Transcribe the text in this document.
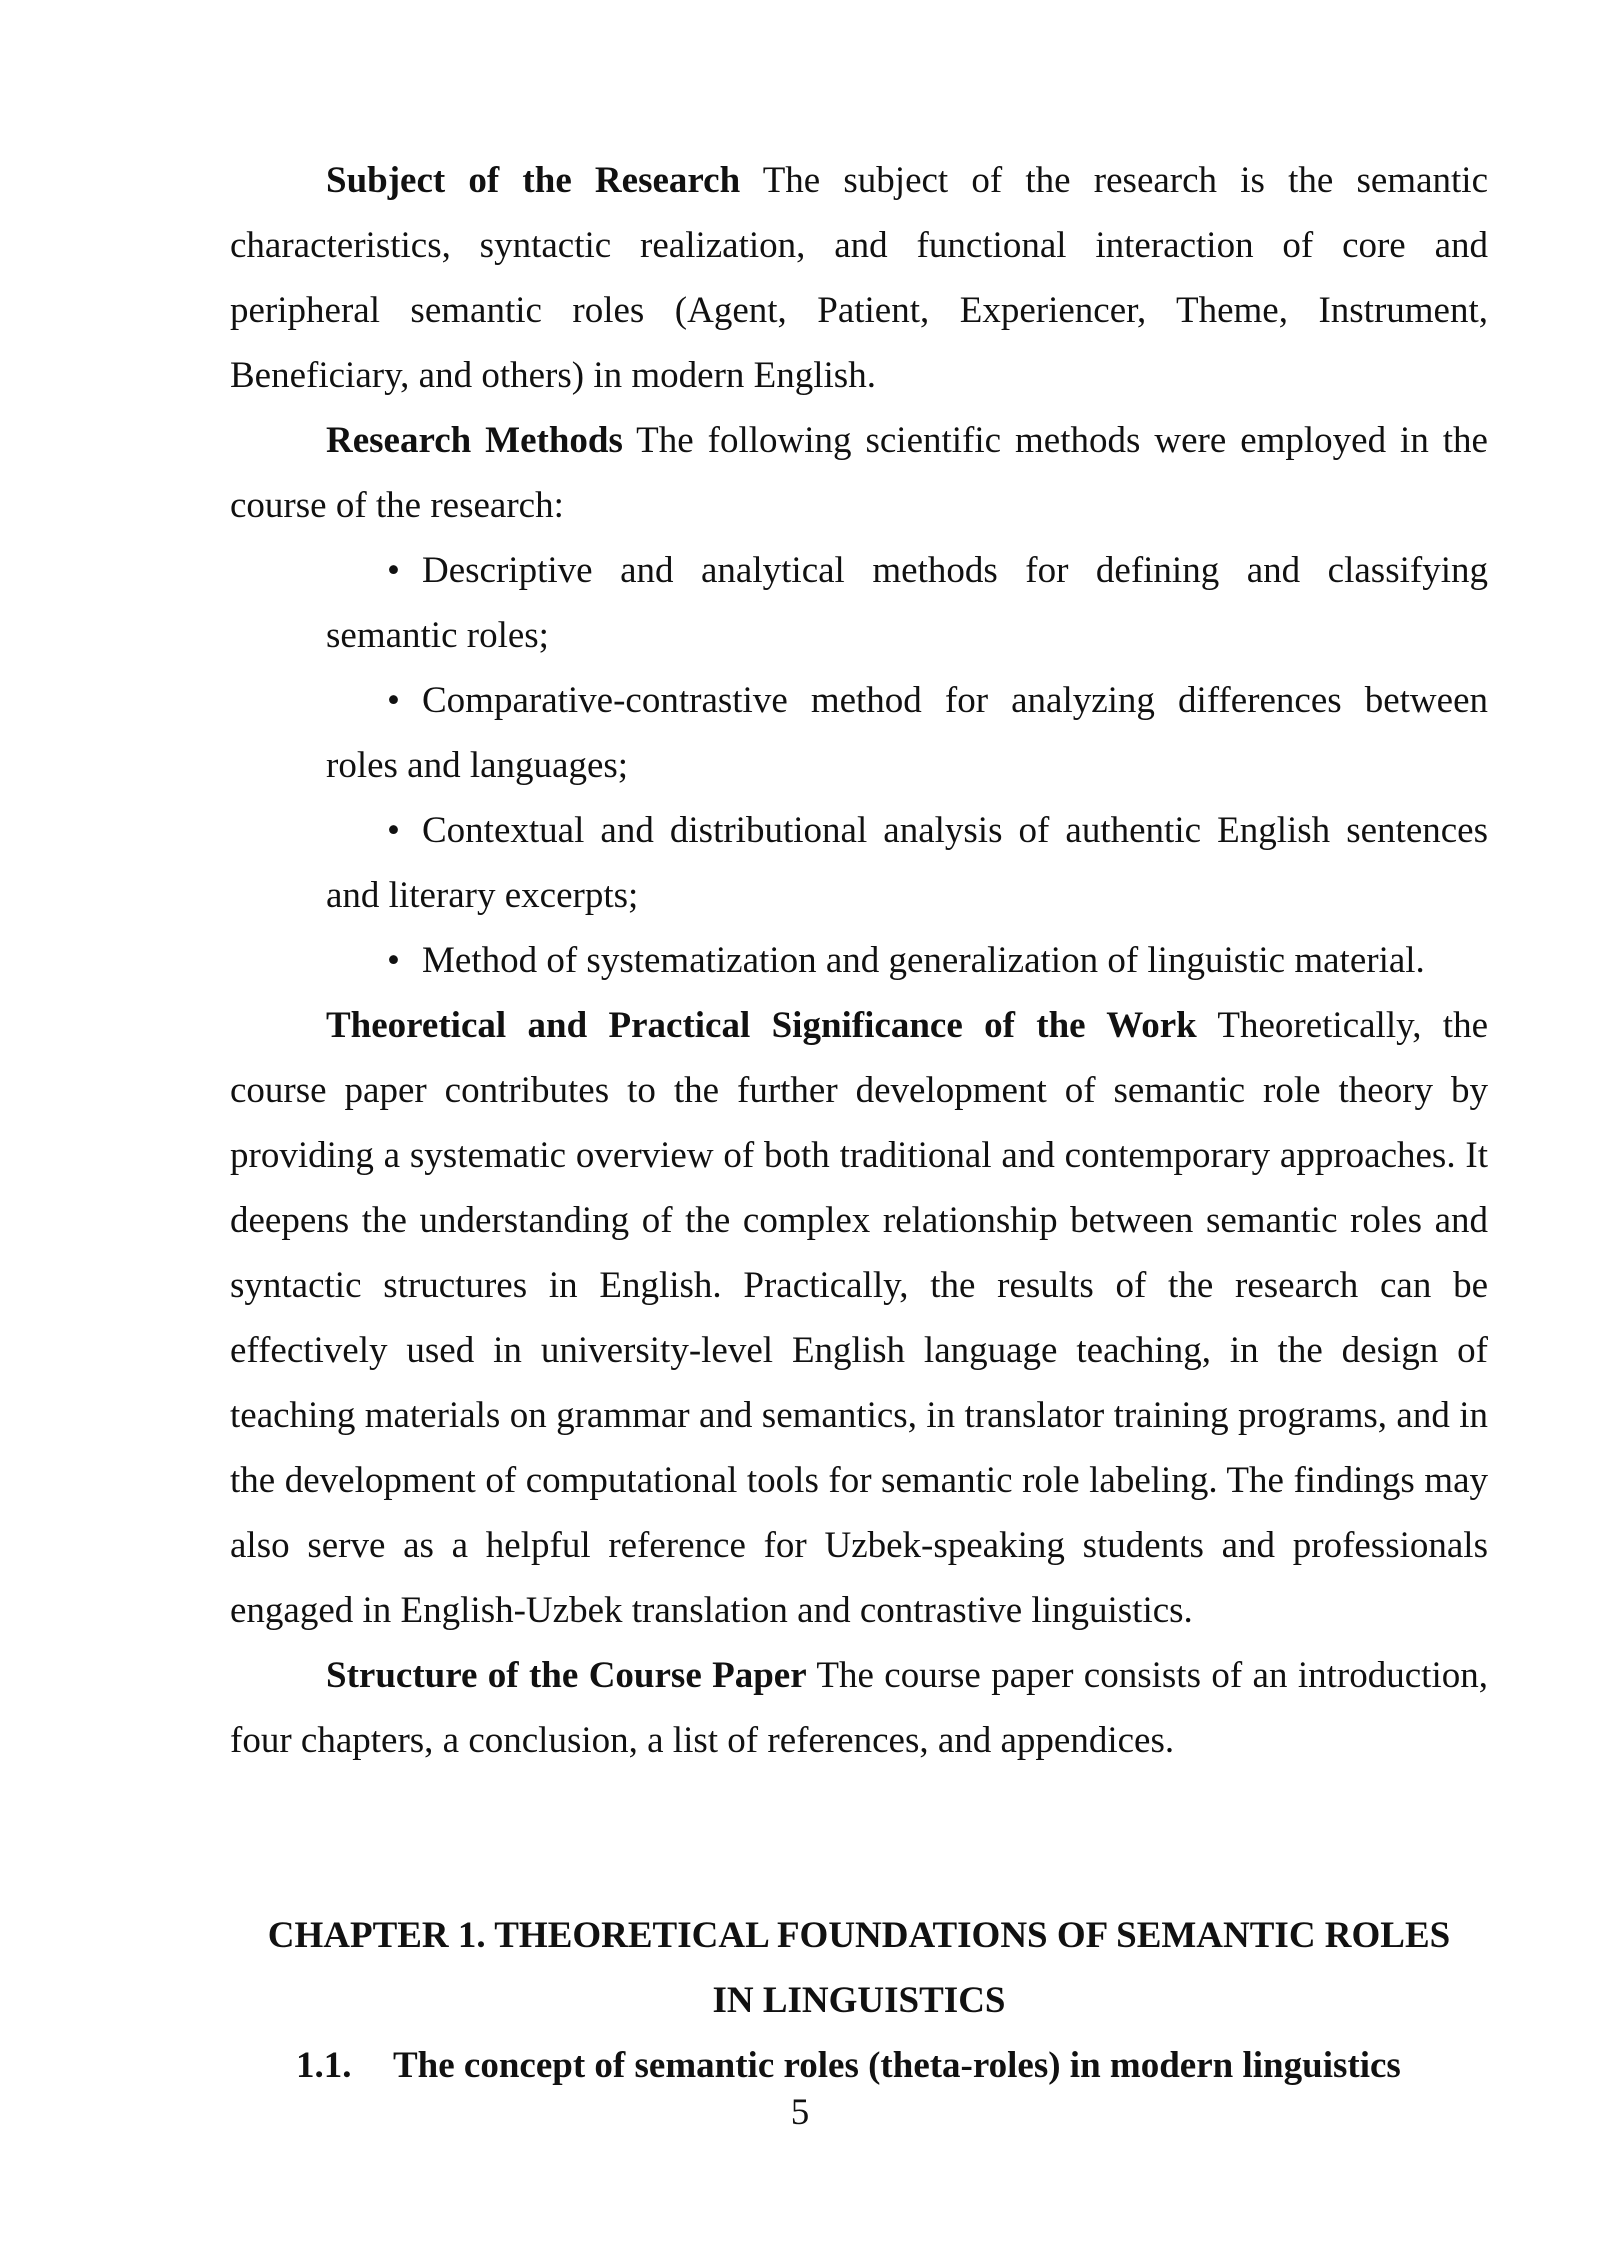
Subject of the Research The subject of the research is the semantic characteristics, syntactic realization, and functional interaction of core and peripheral semantic roles (Agent, Patient, Experiencer, Theme, Instrument, Beneficiary, and others) in modern English.

Research Methods The following scientific methods were employed in the course of the research:

• Descriptive and analytical methods for defining and classifying semantic roles;
• Comparative-contrastive method for analyzing differences between roles and languages;
• Contextual and distributional analysis of authentic English sentences and literary excerpts;
• Method of systematization and generalization of linguistic material.

Theoretical and Practical Significance of the Work Theoretically, the course paper contributes to the further development of semantic role theory by providing a systematic overview of both traditional and contemporary approaches. It deepens the understanding of the complex relationship between semantic roles and syntactic structures in English. Practically, the results of the research can be effectively used in university-level English language teaching, in the design of teaching materials on grammar and semantics, in translator training programs, and in the development of computational tools for semantic role labeling. The findings may also serve as a helpful reference for Uzbek-speaking students and professionals engaged in English-Uzbek translation and contrastive linguistics.

Structure of the Course Paper The course paper consists of an introduction, four chapters, a conclusion, a list of references, and appendices.

CHAPTER 1. THEORETICAL FOUNDATIONS OF SEMANTIC ROLES
IN LINGUISTICS
1.1.	The concept of semantic roles (theta-roles) in modern linguistics
5
